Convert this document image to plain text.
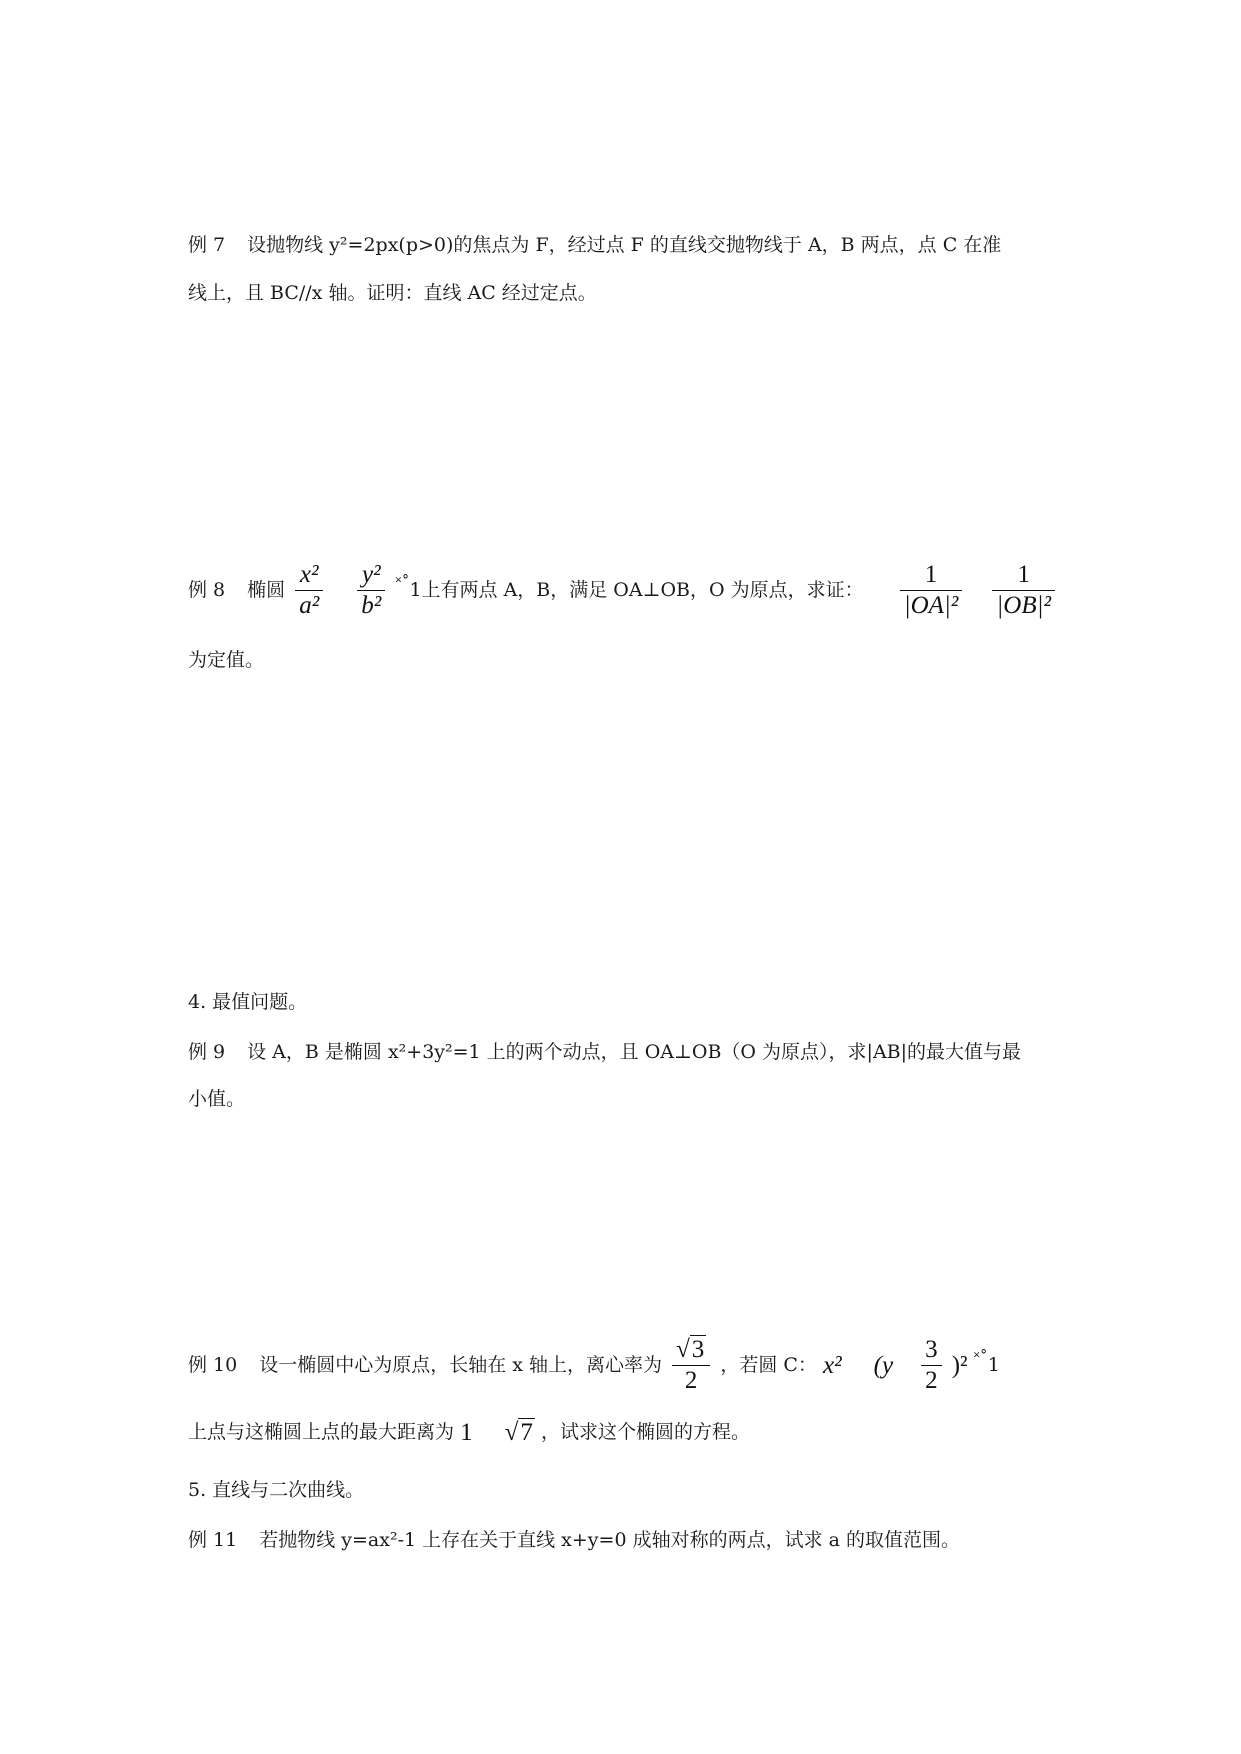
例 7 设抛物线 y²=2px(p>0)的焦点为 F，经过点 F 的直线交抛物线于 A，B 两点，点 C 在准
线上，且 BC//x 轴。证明：直线 AC 经过定点。
例 8 椭圆 $\frac{\text{x²}}{\text{a²}}$
$\frac{\text{y²}}{\text{b²}} ^{˟˚}1$上有两点 A，B，满足 OA⊥OB，O 为原点，求证： $\frac{1}{\text{|OA|²}}$
$\frac{1}{\text{|OB|²}}$
为定值。
4. 最值问题。
例 9 设 A，B 是椭圆 x²+3y²=1 上的两个动点，且 OA⊥OB（O 为原点），求|AB|的最大值与最
小值。
例 10 设一椭圆中心为原点，长轴在 x 轴上，离心率为 $\frac{√3}{2}$ ，若圆 C： x² $(y \frac{3}{2} )^2$ ˟˚1
上点与这椭圆上点的最大距离为 1 √7 ，试求这个椭圆的方程。
5. 直线与二次曲线。
例 11 若抛物线 y=ax²-1 上存在关于直线 x+y=0 成轴对称的两点，试求 a 的取值范围。
